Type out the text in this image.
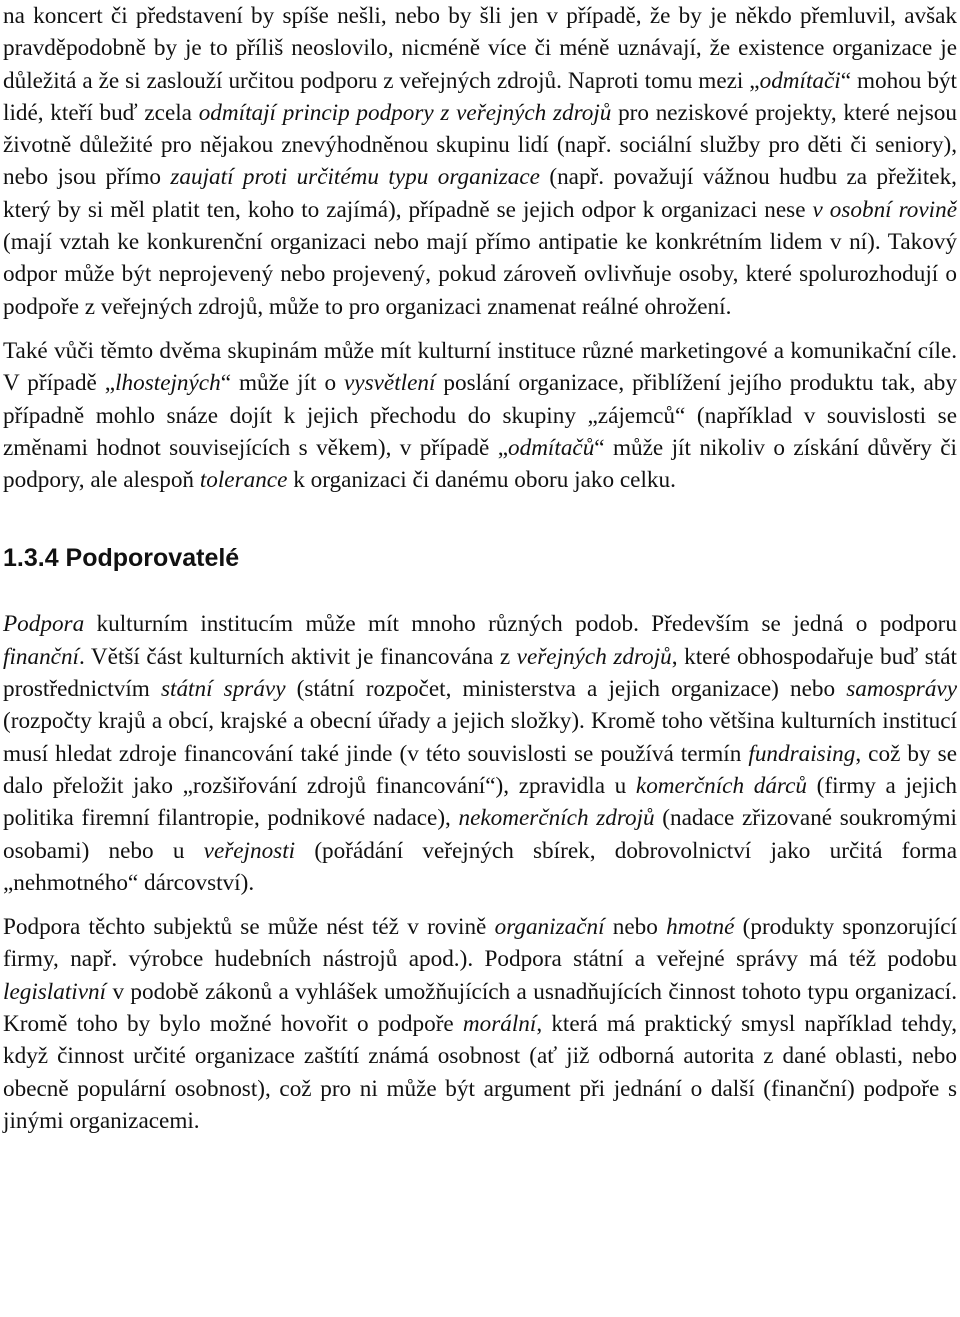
na koncert či představení by spíše nešli, nebo by šli jen v případě, že by je někdo přemluvil, avšak pravděpodobně by je to příliš neoslovilo, nicméně více či méně uznávají, že existence organizace je důležitá a že si zaslouží určitou podporu z veřejných zdrojů. Naproti tomu mezi „odmítači“ mohou být lidé, kteří buď zcela odmítají princip podpory z veřejných zdrojů pro neziskové projekty, které nejsou životně důležité pro nějakou znevýhodněnou skupinu lidí (např. sociální služby pro děti či seniory), nebo jsou přímo zaujatí proti určitému typu organizace (např. považují vážnou hudbu za přežitek, který by si měl platit ten, koho to zajímá), případně se jejich odpor k organizaci nese v osobní rovině (mají vztah ke konkurenční organizaci nebo mají přímo antipatie ke konkrétním lidem v ní). Takový odpor může být neprojevený nebo projevený, pokud zároveň ovlivňuje osoby, které spolurozhodují o podpoře z veřejných zdrojů, může to pro organizaci znamenat reálné ohrožení.

Také vůči těmto dvěma skupinám může mít kulturní instituce různé marketingové a komunikační cíle. V případě „lhostejných“ může jít o vysvětlení poslání organizace, přiblížení jejího produktu tak, aby případně mohlo snáze dojít k jejich přechodu do skupiny „zájemců“ (například v souvislosti se změnami hodnot souvisejících s věkem), v případě „odmítačů“ může jít nikoliv o získání důvěry či podpory, ale alespoň tolerance k organizaci či danému oboru jako celku.

1.3.4 Podporovatelé

Podpora kulturním institucím může mít mnoho různých podob. Především se jedná o podporu finanční. Větší část kulturních aktivit je financována z veřejných zdrojů, které obhospodařuje buď stát prostřednictvím státní správy (státní rozpočet, ministerstva a jejich organizace) nebo samosprávy (rozpočty krajů a obcí, krajské a obecní úřady a jejich složky). Kromě toho většina kulturních institucí musí hledat zdroje financování také jinde (v této souvislosti se používá termín fundraising, což by se dalo přeložit jako „rozšiřování zdrojů financování“), zpravidla u komerčních dárců (firmy a jejich politika firemní filantropie, podnikové nadace), nekomerčních zdrojů (nadace zřizované soukromými osobami) nebo u veřejnosti (pořádání veřejných sbírek, dobrovolnictví jako určitá forma „nehmotného“ dárcovství).

Podpora těchto subjektů se může nést též v rovině organizační nebo hmotné (produkty sponzorující firmy, např. výrobce hudebních nástrojů apod.). Podpora státní a veřejné správy má též podobu legislativní v podobě zákonů a vyhlášek umožňujících a usnadňujících činnost tohoto typu organizací. Kromě toho by bylo možné hovořit o podpoře morální, která má praktický smysl například tehdy, když činnost určité organizace zaštítí známá osobnost (ať již odborná autorita z dané oblasti, nebo obecně populární osobnost), což pro ni může být argument při jednání o další (finanční) podpoře s jinými organizacemi.
